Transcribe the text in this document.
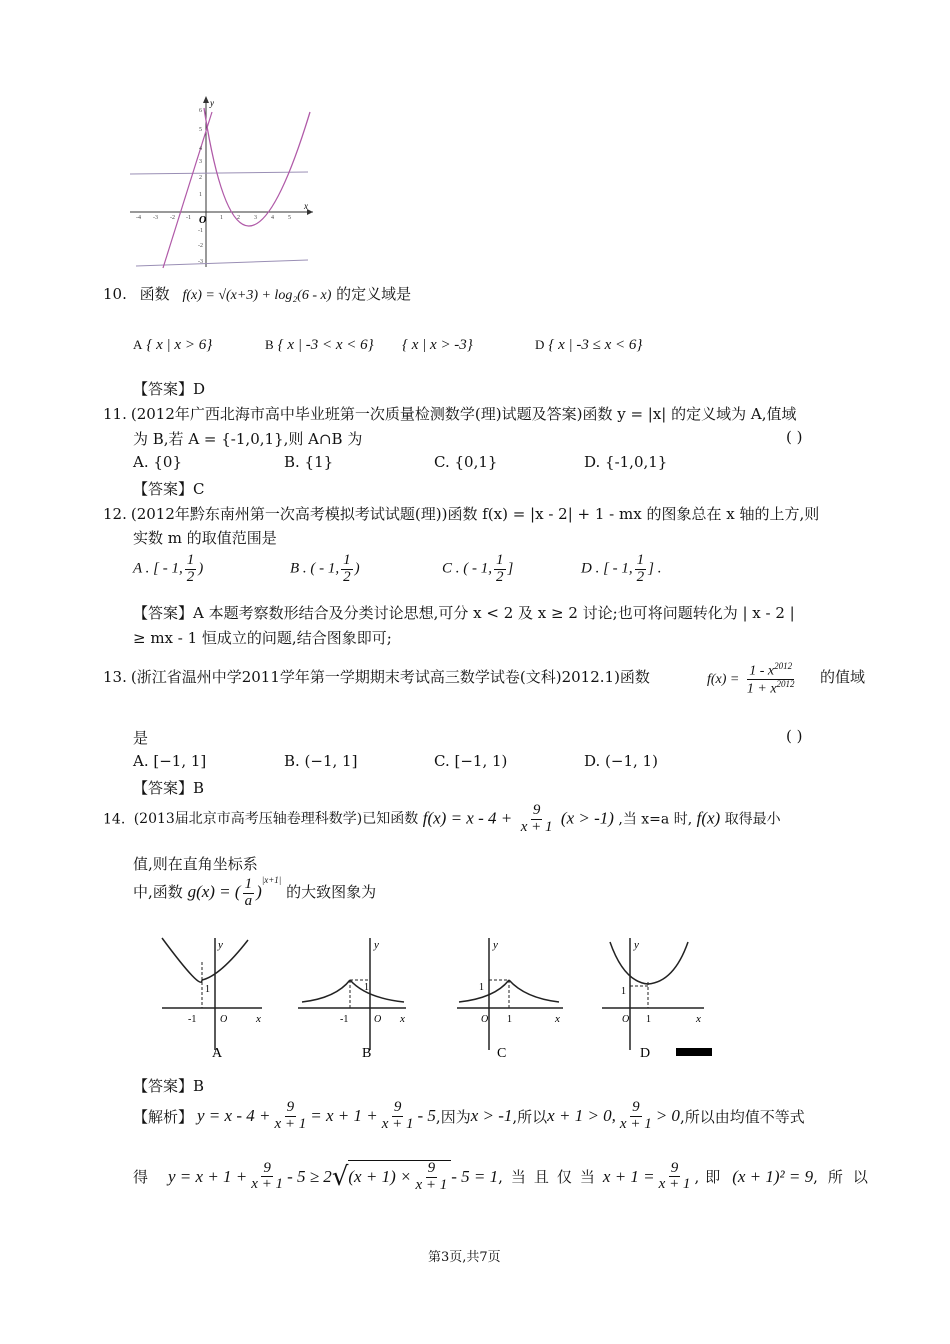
y
x
O
6
5
4
3
2
1
-1
-2
-3
-4 -3 -2 -1	1 2 3 4 5
10. 函数 f(x) = √(x+3) + log₂(6 - x) 的定义域是
A { x | x > 6}	B { x | -3 < x < 6} { x | x > -3}	D { x | -3 ≤ x < 6}
【答案】D
11. (2012年广西北海市高中毕业班第一次质量检测数学(理)试题及答案)函数 y = |x| 的定义域为 A,值域
为 B,若 A = {-1,0,1},则 A∩B 为	( )
A. {0}	B. {1}	C. {0,1}	D. {-1,0,1}
【答案】C
12. (2012年黔东南州第一次高考模拟考试试题(理))函数 f(x) = |x - 2| + 1 - mx 的图象总在 x 轴的上方,则
实数 m 的取值范围是
A . [ - 1, $\frac{1}{2}$ )	B . ( - 1, $\frac{1}{2}$ )	C . ( - 1, $\frac{1}{2}$ ]	D . [ - 1, $\frac{1}{2}$ ] .
【答案】A 本题考察数形结合及分类讨论思想,可分 x < 2 及 x ≥ 2 讨论;也可将问题转化为 | x - 2 |
≥ mx - 1 恒成立的问题,结合图象即可;
13. (浙江省温州中学2011学年第一学期期末考试高三数学试卷(文科)2012.1)函数	$f(x) = \frac{1 - x^{2012}}{1 + x^{2012}}$ 的值域
是	( )
A. [−1, 1]	B. (−1, 1]	C. [−1, 1)	D. (−1, 1)
【答案】B
14. (2013届北京市高考压轴卷理科数学)已知函数 $f(x) = x - 4 + \frac{9}{x + 1} (x > -1)$ ,当 x=a 时, f(x) 取得最小
值,则在直角坐标系
中,函数 g(x) = ( $\frac{1}{a} )^{|x+1|}$ 的大致图象为
y
x
1
-1 O
A
y
x
1
-1	O
B
y
x
1
1
O
C
y
x
1
1
O
D
【答案】B
【解析】 $y = x - 4 + \frac{9}{x + 1} = x + 1 + \frac{9}{x + 1} - 5$ ,因为 x > -1 ,所以 x + 1 > 0, $\frac{9}{x + 1} > 0$ ,所以由均值不等式
得 $y = x + 1 + \frac{9}{x + 1} - 5 \ge 2$ √ $(x + 1) \times \frac{9}{x + 1} - 5 = 1$ ,当且仅当 $x + 1 = \frac{9}{x + 1}$ ,即 (x + 1)² = 9 ,所以
第3页,共7页
